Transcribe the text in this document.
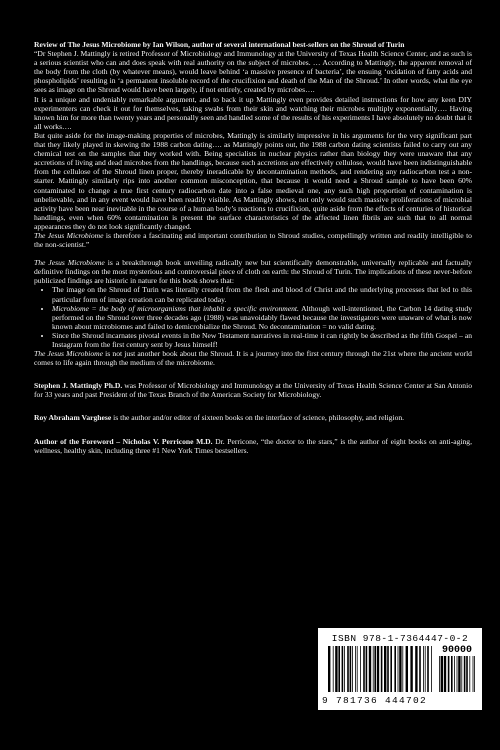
Review of The Jesus Microbiome by Ian Wilson, author of several international best-sellers on the Shroud of Turin

“Dr Stephen J. Mattingly is retired Professor of Microbiology and Immunology at the University of Texas Health Science Center, and as such is a serious scientist who can and does speak with real authority on the subject of microbes. … According to Mattingly, the apparent removal of the body from the cloth (by whatever means), would leave behind ‘a massive presence of bacteria’, the ensuing ‘oxidation of fatty acids and phospholipids’ resulting in ‘a permanent insoluble record of the crucifixion and death of the Man of the Shroud.’ In other words, what the eye sees as image on the Shroud would have been largely, if not entirely, created by microbes….

It is a unique and undeniably remarkable argument, and to back it up Mattingly even provides detailed instructions for how any keen DIY experimenters can check it out for themselves, taking swabs from their skin and watching their microbes multiply exponentially…. Having known him for more than twenty years and personally seen and handled some of the results of his experiments I have absolutely no doubt that it all works….

But quite aside for the image-making properties of microbes, Mattingly is similarly impressive in his arguments for the very significant part that they likely played in skewing the 1988 carbon dating…. as Mattingly points out, the 1988 carbon dating scientists failed to carry out any chemical test on the samples that they worked with. Being specialists in nuclear physics rather than biology they were unaware that any accretions of living and dead microbes from the handlings, because such accretions are effectively cellulose, would have been indistinguishable from the cellulose of the Shroud linen proper, thereby ineradicable by decontamination methods, and rendering any radiocarbon test a non-starter. Mattingly similarly rips into another common misconception, that because it would need a Shroud sample to have been 60% contaminated to change a true first century radiocarbon date into a false medieval one, any such high proportion of contamination is unbelievable, and in any event would have been readily visible. As Mattingly shows, not only would such massive proliferations of microbial activity have been near inevitable in the course of a human body’s reactions to crucifixion, quite aside from the effects of centuries of historical handlings, even when 60% contamination is present the surface characteristics of the affected linen fibrils are such that to all normal appearances they do not look significantly changed.

The Jesus Microbiome is therefore a fascinating and important contribution to Shroud studies, compellingly written and readily intelligible to the non-scientist.”

The Jesus Microbiome is a breakthrough book unveiling radically new but scientifically demonstrable, universally replicable and factually definitive findings on the most mysterious and controversial piece of cloth on earth: the Shroud of Turin. The implications of these never-before publicized findings are historic in nature for this book shows that:

• The image on the Shroud of Turin was literally created from the flesh and blood of Christ and the underlying processes that led to this particular form of image creation can be replicated today.
• Microbiome = the body of microorganisms that inhabit a specific environment. Although well-intentioned, the Carbon 14 dating study performed on the Shroud over three decades ago (1988) was unavoidably flawed because the investigators were unaware of what is now known about microbiomes and failed to demicrobialize the Shroud. No decontamination = no valid dating.
• Since the Shroud incarnates pivotal events in the New Testament narratives in real-time it can rightly be described as the fifth Gospel – an Instagram from the first century sent by Jesus himself!

The Jesus Microbiome is not just another book about the Shroud. It is a journey into the first century through the 21st where the ancient world comes to life again through the medium of the microbiome.

Stephen J. Mattingly Ph.D. was Professor of Microbiology and Immunology at the University of Texas Health Science Center at San Antonio for 33 years and past President of the Texas Branch of the American Society for Microbiology.

Roy Abraham Varghese is the author and/or editor of sixteen books on the interface of science, philosophy, and religion.

Author of the Foreword – Nicholas V. Perricone M.D. Dr. Perricone, “the doctor to the stars,” is the author of eight books on anti-aging, wellness, healthy skin, including three #1 New York Times bestsellers.

ISBN 978-1-7364447-0-2
90000
9 781736 444702
